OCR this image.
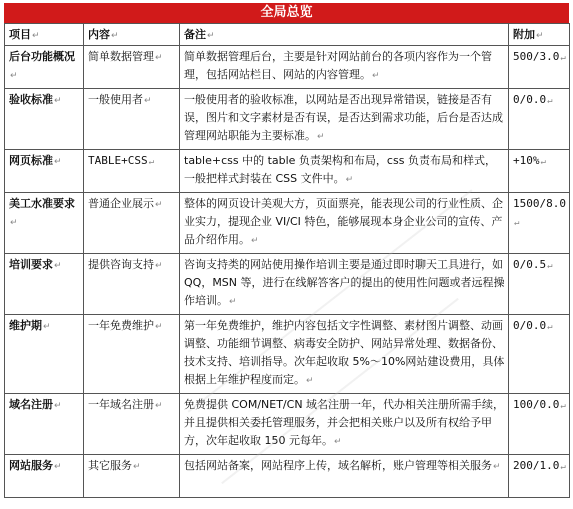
全局总览
项目↵	内容↵	备注↵	附加↵
后台功能概况↵	简单数据管理↵	简单数据管理后台，主要是针对网站前台的各项内容作为一个管理，包括网站栏目、网站的内容管理。↵	500/3.0↵
验收标准↵	一般使用者↵	一般使用者的验收标准，以网站是否出现异常错误，链接是否有误，图片和文字素材是否有误，是否达到需求功能，后台是否达成管理网站职能为主要标准。↵	0/0.0↵
网页标准↵	TABLE+CSS↵	table+css 中的 table 负责架构和布局，css 负责布局和样式，一般把样式封装在 CSS 文件中。↵	+10%↵
美工水准要求↵	普通企业展示↵	整体的网页设计美观大方，页面票亮，能表现公司的行业性质、企业实力，提现企业 VI/CI 特色，能够展现本身企业公司的宣传、产品介绍作用。↵	1500/8.0↵
培训要求↵	提供咨询支持↵	咨询支持类的网站使用操作培训主要是通过即时聊天工具进行，如 QQ，MSN 等，进行在线解答客户的提出的使用性问题或者远程操作培训。↵	0/0.5↵
维护期↵	一年免费维护↵	第一年免费维护，维护内容包括文字性调整、素材图片调整、动画调整、功能细节调整、病毒安全防护、网站异常处理、数据备份、技术支持、培训指导。次年起收取 5%～10%网站建设费用，具体根据上年维护程度而定。↵	0/0.0↵
域名注册↵	一年域名注册↵	免费提供 COM/NET/CN 域名注册一年，代办相关注册所需手续，并且提供相关委托管理服务，并会把相关账户以及所有权给予甲方，次年起收取 150 元每年。↵	100/0.0↵
网站服务↵	其它服务↵	包括网站备案，网站程序上传，域名解析，账户管理等相关服务↵	200/1.0↵
